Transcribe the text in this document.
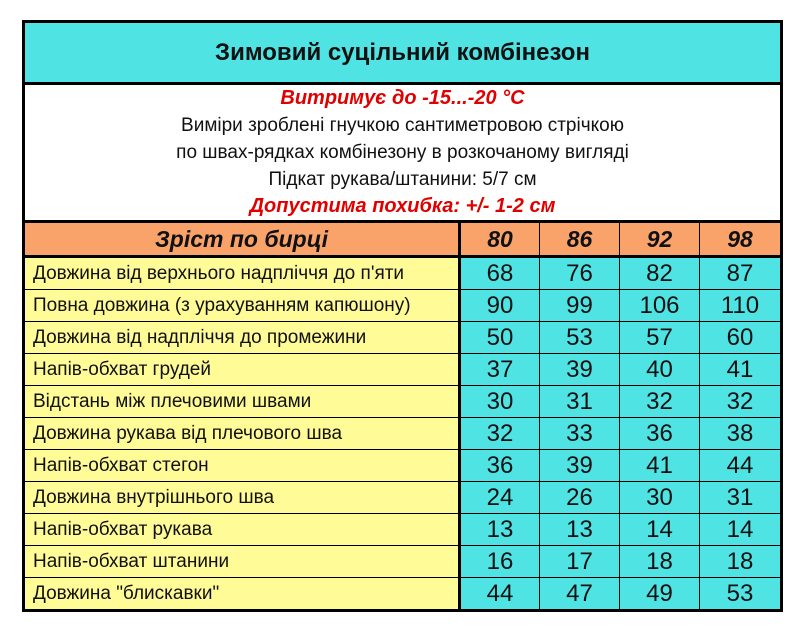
Зимовий суцільний комбінезон				
Витримує до -15...-20 °С				
Виміри зроблені гнучкою сантиметровою стрічкою				
по швах-рядках комбінезону в розкочаному вигляді				
Підкат рукава/штанини: 5/7 см				
Допустима похибка: +/- 1-2 см				
Зріст по бирці	80	86	92	98
Довжина від верхнього надпліччя до п'яти	68	76	82	87
Повна довжина (з урахуванням капюшону)	90	99	106	110
Довжина від надпліччя до промежини	50	53	57	60
Напів-обхват грудей	37	39	40	41
Відстань між плечовими швами	30	31	32	32
Довжина рукава від плечового шва	32	33	36	38
Напів-обхват стегон	36	39	41	44
Довжина внутрішнього шва	24	26	30	31
Напів-обхват рукава	13	13	14	14
Напів-обхват штанини	16	17	18	18
Довжина "блискавки"	44	47	49	53
